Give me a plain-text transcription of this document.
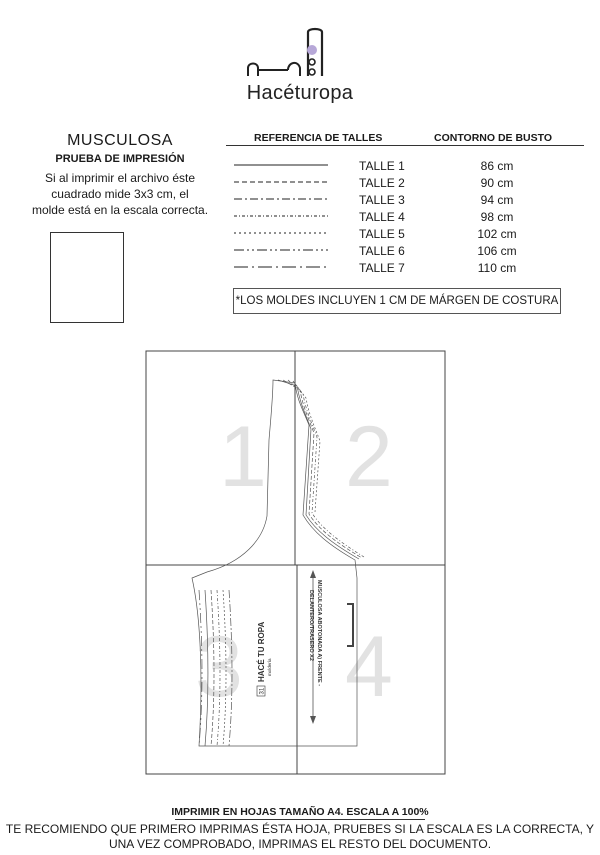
Hacéturopa
MUSCULOSA
PRUEBA DE IMPRESIÓN
Si al imprimir el archivo éste
cuadrado mide 3x3 cm, el
molde está en la escala correcta.
REFERENCIA DE TALLES	CONTORNO DE BUSTO
TALLE 1
TALLE 2
TALLE 3
TALLE 4
TALLE 5
TALLE 6
TALLE 7
86 cm
90 cm
94 cm
98 cm
102 cm
106 cm
110 cm
*LOS MOLDES INCLUYEN 1 CM DE MÁRGEN DE COSTURA
1 2
3 4
MUSCULOSA ABOTONADA A) FRENTE -
DELANTERO/TRASERO X2
31
HACÉ TU ROPA moldería
IMPRIMIR EN HOJAS TAMAÑO A4. ESCALA A 100%
TE RECOMIENDO QUE PRIMERO IMPRIMAS ÉSTA HOJA, PRUEBES SI LA ESCALA ES LA CORRECTA, Y
UNA VEZ COMPROBADO, IMPRIMAS EL RESTO DEL DOCUMENTO.
